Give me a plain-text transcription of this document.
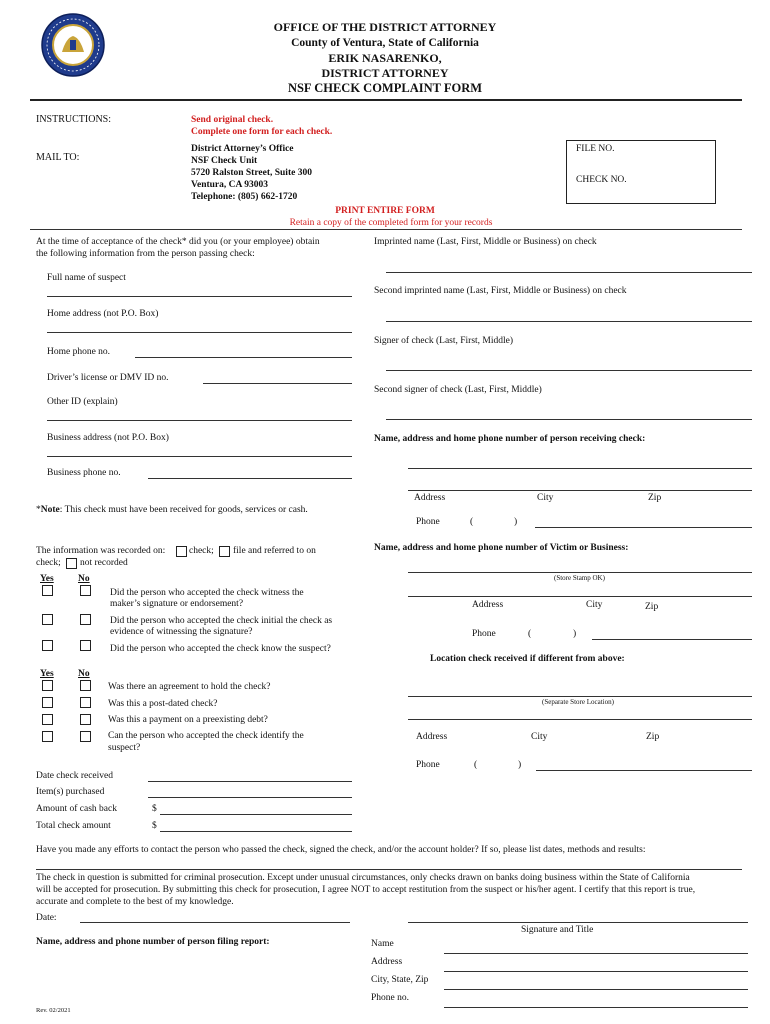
OFFICE OF THE DISTRICT ATTORNEY
County of Ventura, State of California
ERIK NASARENKO,
DISTRICT ATTORNEY
NSF CHECK COMPLAINT FORM
INSTRUCTIONS:	Send original check.
Complete one form for each check.
MAIL TO:
District Attorney’s Office
NSF Check Unit
5720 Ralston Street, Suite 300
Ventura, CA 93003
Telephone: (805) 662-1720
FILE NO.
CHECK NO.
PRINT ENTIRE FORM
Retain a copy of the completed form for your records
At the time of acceptance of the check* did you (or your employee) obtain
the following information from the person passing check:
Full name of suspect
Home address (not P.O. Box)
Home phone no.
Driver’s license or DMV ID no.
Other ID (explain)
Business address (not P.O. Box)
Business phone no.
*Note: This check must have been received for goods, services or cash.
The information was recorded on: check; file and referred to on
check; not recorded
Yes	No
Did the person who accepted the check witness the
maker’s signature or endorsement?
Did the person who accepted the check initial the check as
evidence of witnessing the signature?
Did the person who accepted the check know the suspect?
Yes	No
Was there an agreement to hold the check?
Was this a post-dated check?
Was this a payment on a preexisting debt?
Can the person who accepted the check identify the
suspect?
Date check received
Item(s) purchased
Amount of cash back	$
Total check amount	$
Imprinted name (Last, First, Middle or Business) on check
Second imprinted name (Last, First, Middle or Business) on check
Signer of check (Last, First, Middle)
Second signer of check (Last, First, Middle)
Name, address and home phone number of person receiving check:
Address	City	Zip
Phone	(	)
Name, address and home phone number of Victim or Business:
(Store Stamp OK)
Address	City	Zip
Phone	(	)
Location check received if different from above:
(Separate Store Location)
Address	City	Zip
Phone	(	)
Have you made any efforts to contact the person who passed the check, signed the check, and/or the account holder? If so, please list dates, methods and results:
The check in question is submitted for criminal prosecution. Except under unusual circumstances, only checks drawn on banks doing business within the State of California
will be accepted for prosecution. By submitting this check for prosecution, I agree NOT to accept restitution from the suspect or his/her agent. I certify that this report is true,
accurate and complete to the best of my knowledge.
Date:
Signature and Title
Name, address and phone number of person filing report:	Name
Address
City, State, Zip
Phone no.
Rev. 02/2021
